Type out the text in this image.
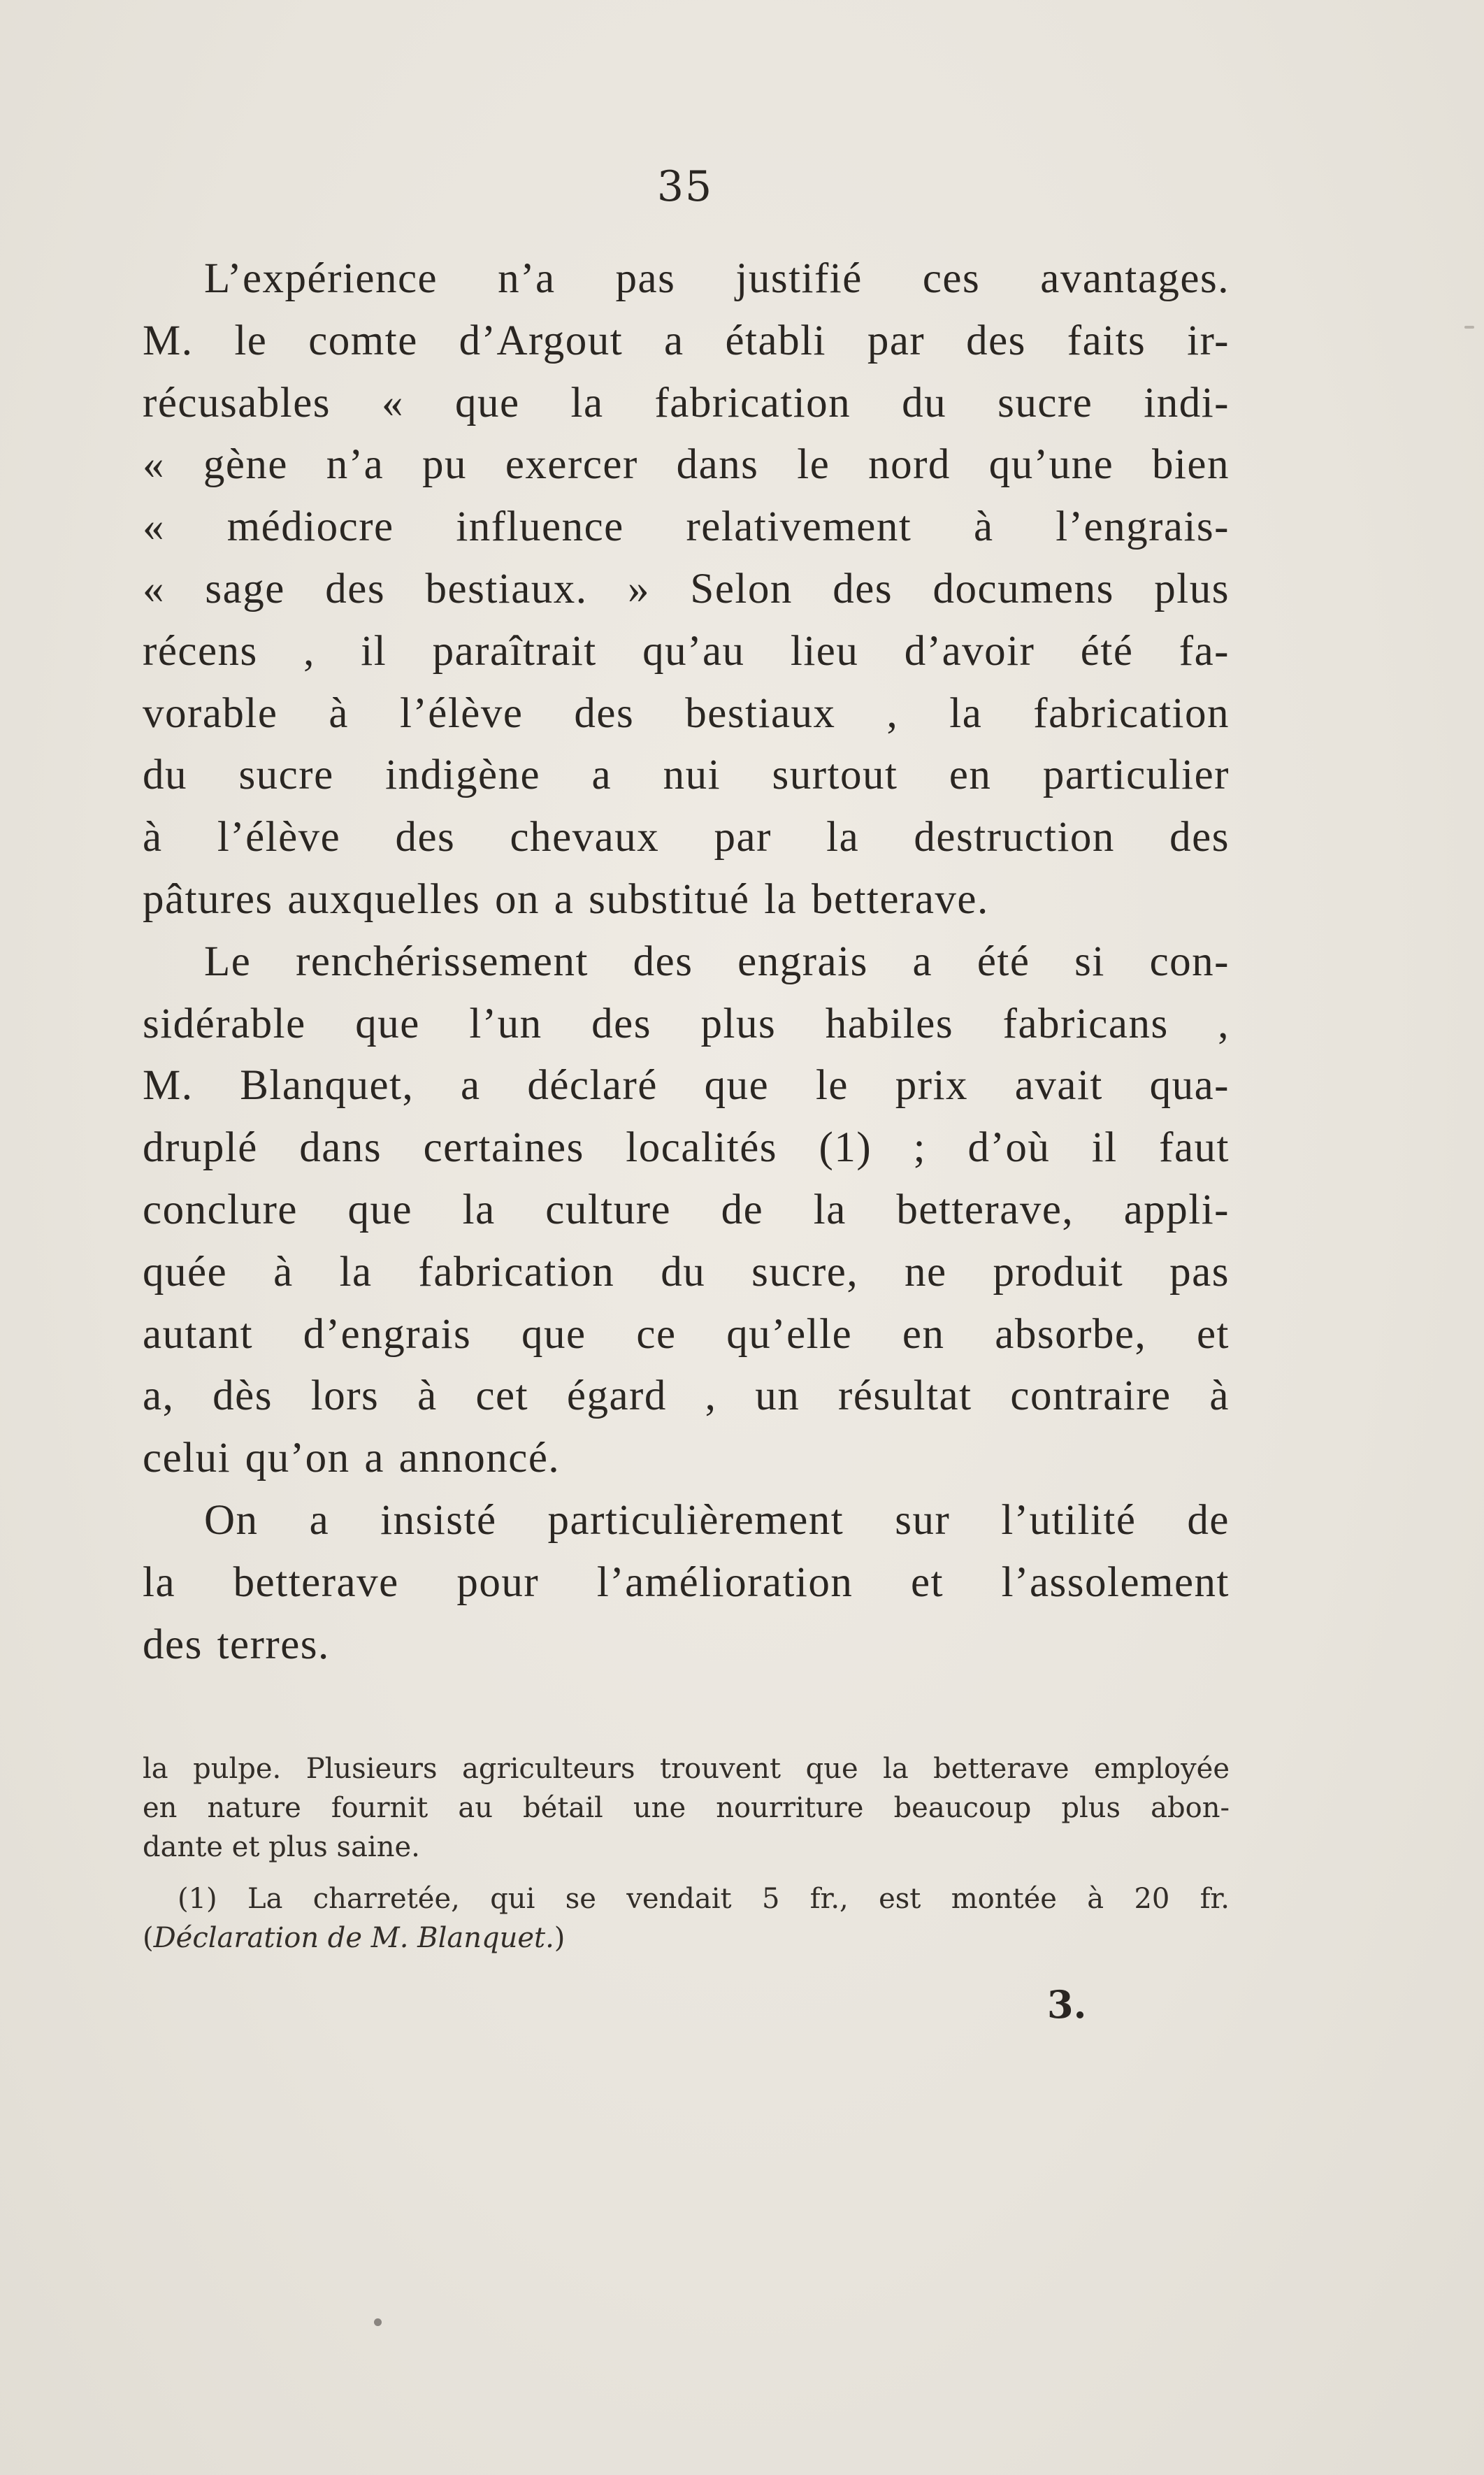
35
L’expérience n’a pas justifié ces avantages.
M. le comte d’Argout a établi par des faits ir-
récusables « que la fabrication du sucre indi-
« gène n’a pu exercer dans le nord qu’une bien
« médiocre influence relativement à l’engrais-
« sage des bestiaux. » Selon des documens plus
récens , il paraîtrait qu’au lieu d’avoir été fa-
vorable à l’élève des bestiaux , la fabrication
du sucre indigène a nui surtout en particulier
à l’élève des chevaux par la destruction des
pâtures auxquelles on a substitué la betterave.
Le renchérissement des engrais a été si con-
sidérable que l’un des plus habiles fabricans ,
M. Blanquet, a déclaré que le prix avait qua-
druplé dans certaines localités (1) ; d’où il faut
conclure que la culture de la betterave, appli-
quée à la fabrication du sucre, ne produit pas
autant d’engrais que ce qu’elle en absorbe, et
a, dès lors à cet égard , un résultat contraire à
celui qu’on a annoncé.
On a insisté particulièrement sur l’utilité de
la betterave pour l’amélioration et l’assolement
des terres.
la pulpe. Plusieurs agriculteurs trouvent que la betterave employée
en nature fournit au bétail une nourriture beaucoup plus abon-
dante et plus saine.
(1) La charretée, qui se vendait 5 fr., est montée à 20 fr.
(Déclaration de M. Blanquet.)
3.
